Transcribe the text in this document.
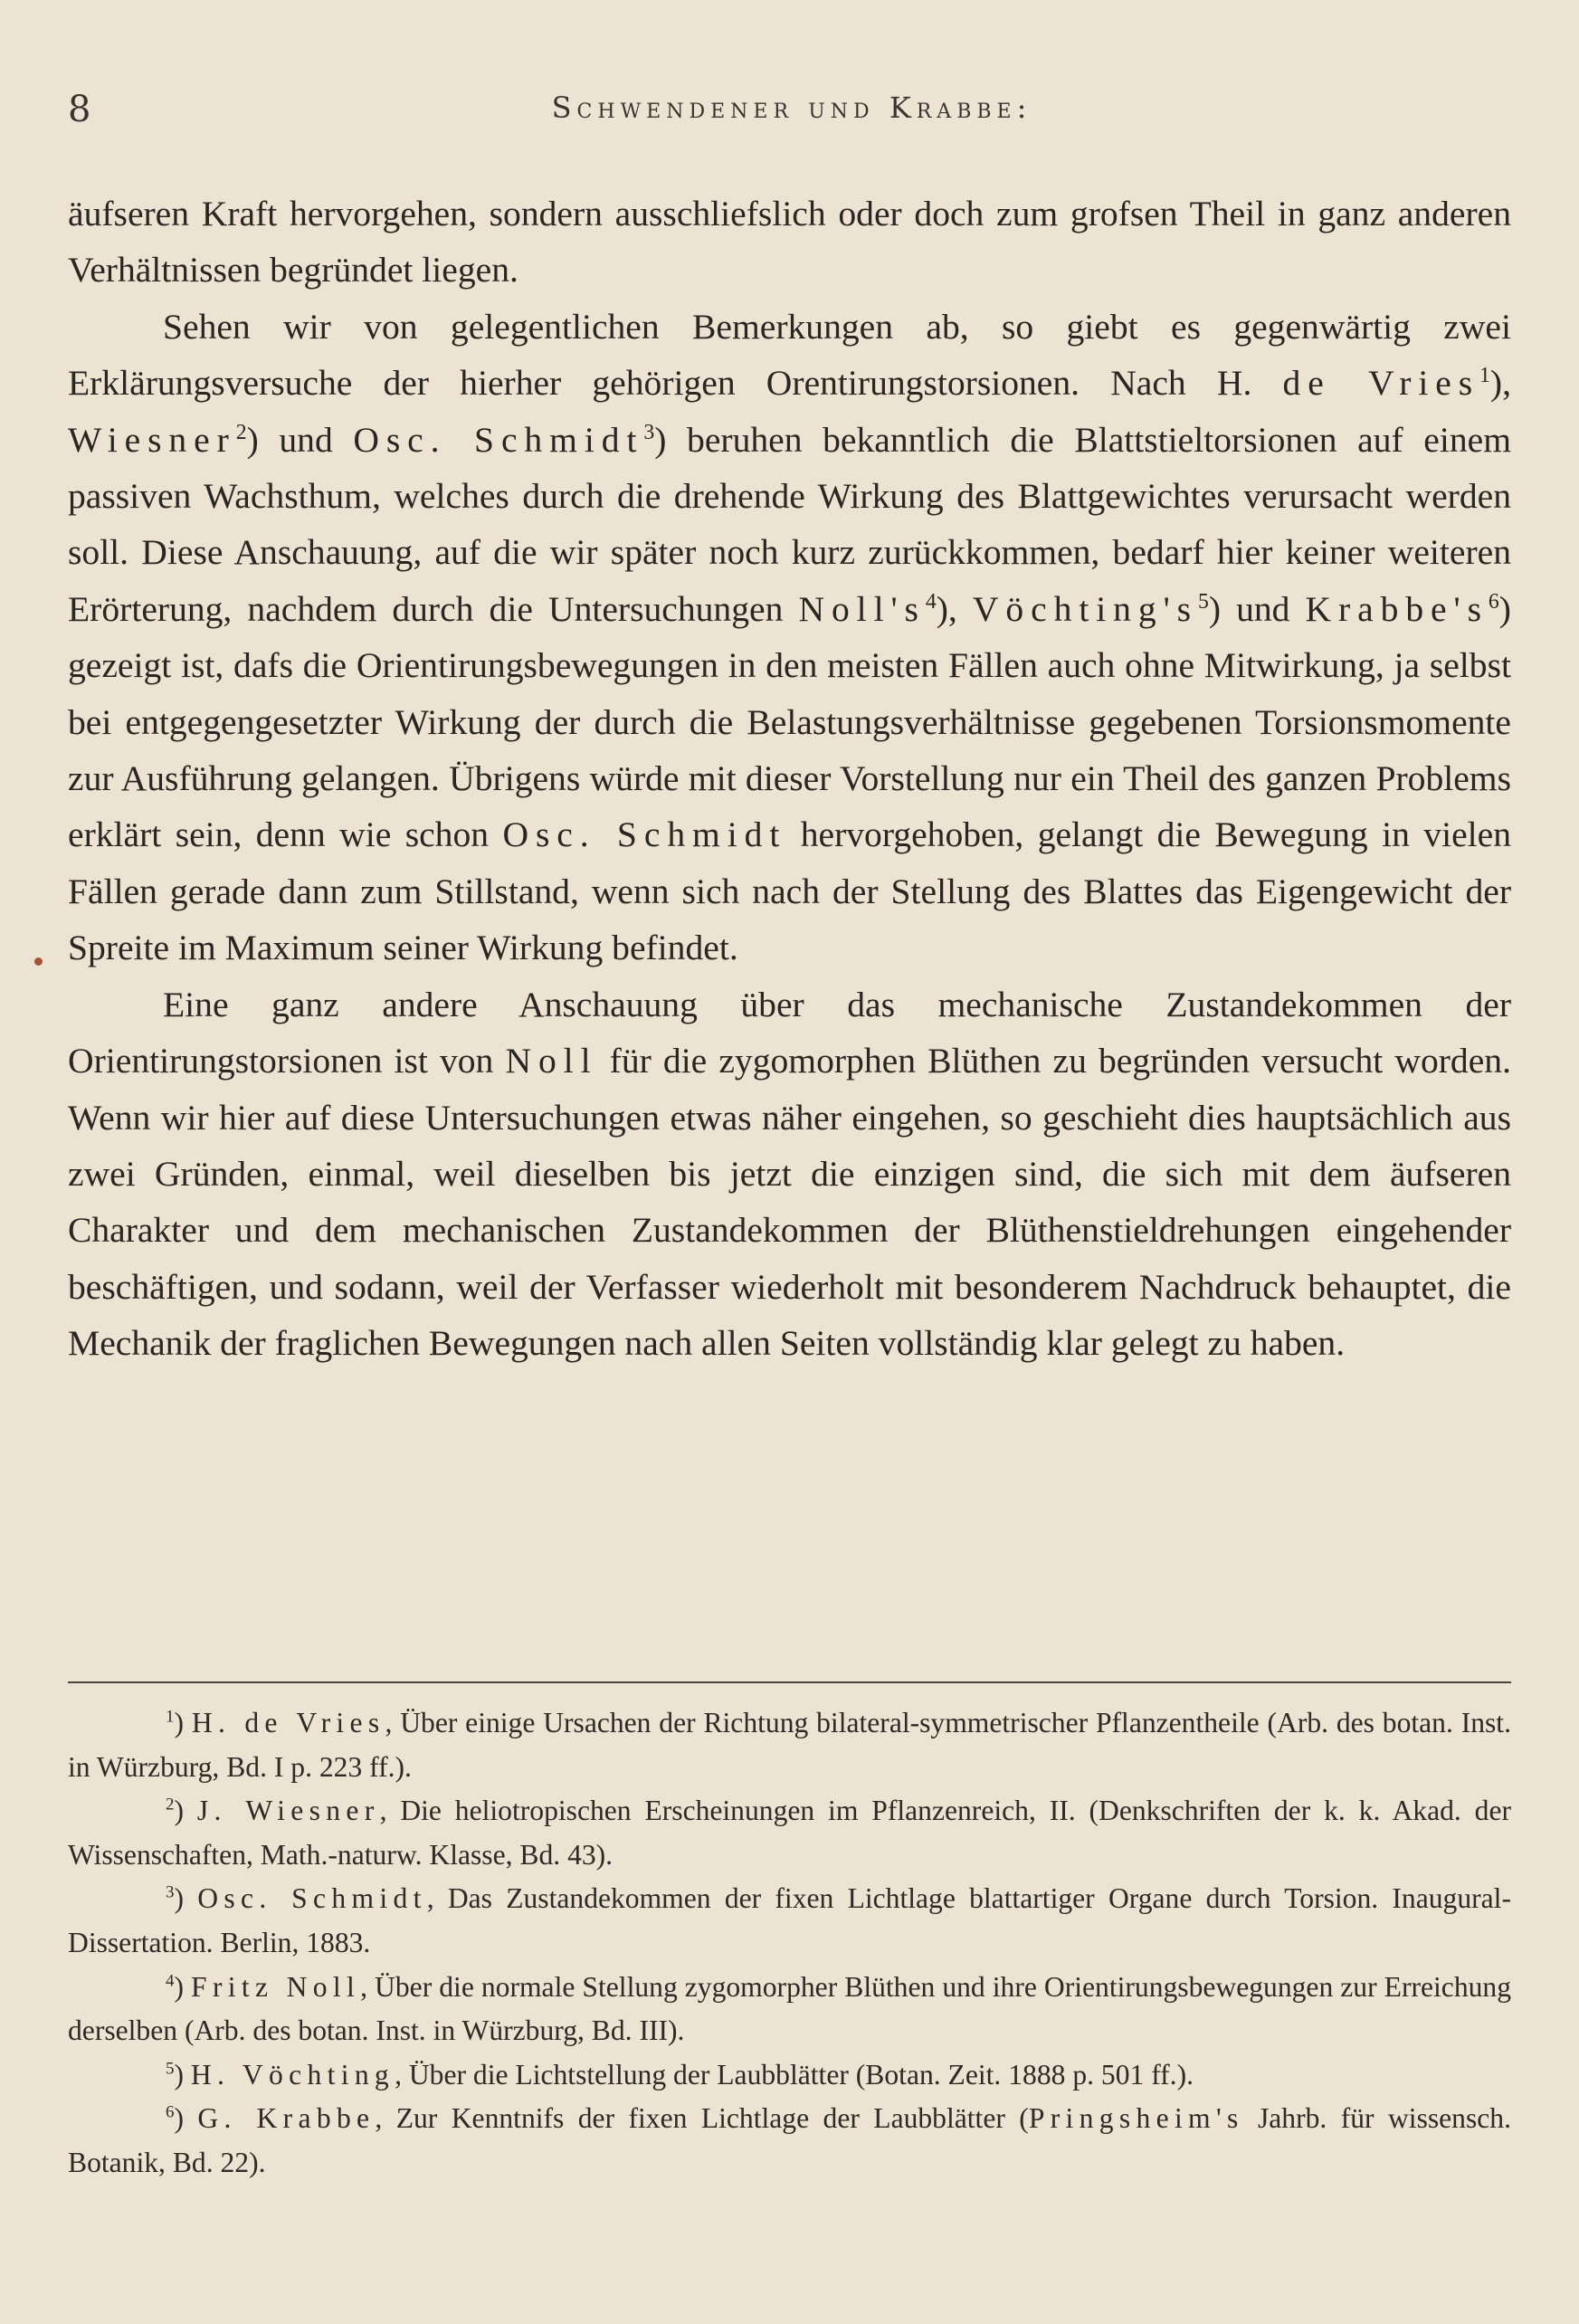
8	Schwendener und Krabbe:

äufseren Kraft hervorgehen, sondern ausschliefslich oder doch zum grofsen Theil in ganz anderen Verhältnissen begründet liegen.

Sehen wir von gelegentlichen Bemerkungen ab, so giebt es gegenwärtig zwei Erklärungsversuche der hierher gehörigen Orentirungstorsionen. Nach H. de Vries$^1$), Wiesner$^2$) und Osc. Schmidt$^3$) beruhen bekanntlich die Blattstieltorsionen auf einem passiven Wachsthum, welches durch die drehende Wirkung des Blattgewichtes verursacht werden soll. Diese Anschauung, auf die wir später noch kurz zurückkommen, bedarf hier keiner weiteren Erörterung, nachdem durch die Untersuchungen $Noll's^4$), $Vöchting's^5$) und $Krabbe's^6$) gezeigt ist, dafs die Orientirungsbewegungen in den meisten Fällen auch ohne Mitwirkung, ja selbst bei entgegengesetzter Wirkung der durch die Belastungsverhältnisse gegebenen Torsionsmomente zur Ausführung gelangen. Übrigens würde mit dieser Vorstellung nur ein Theil des ganzen Problems erklärt sein, denn wie schon Osc. Schmidt hervorgehoben, gelangt die Bewegung in vielen Fällen gerade dann zum Stillstand, wenn sich nach der Stellung des Blattes das Eigengewicht der Spreite im Maximum seiner Wirkung befindet.

Eine ganz andere Anschauung über das mechanische Zustandekommen der Orientirungstorsionen ist von Noll für die zygomorphen Blüthen zu begründen versucht worden. Wenn wir hier auf diese Untersuchungen etwas näher eingehen, so geschieht dies hauptsächlich aus zwei Gründen, einmal, weil dieselben bis jetzt die einzigen sind, die sich mit dem äufseren Charakter und dem mechanischen Zustandekommen der Blüthenstieldrehungen eingehender beschäftigen, und sodann, weil der Verfasser wiederholt mit besonderem Nachdruck behauptet, die Mechanik der fraglichen Bewegungen nach allen Seiten vollständig klar gelegt zu haben.

$^1$) H. de Vries, Über einige Ursachen der Richtung bilateral-symmetrischer Pflanzentheile (Arb. des botan. Inst. in Würzburg, Bd. I p. 223 ff.).

$^2$) J. Wiesner, Die heliotropischen Erscheinungen im Pflanzenreich, II. (Denkschriften der k. k. Akad. der Wissenschaften, Math.-naturw. Klasse, Bd. 43).

$^3$) Osc. Schmidt, Das Zustandekommen der fixen Lichtlage blattartiger Organe durch Torsion. Inaugural-Dissertation. Berlin, 1883.

$^4$) Fritz Noll, Über die normale Stellung zygomorpher Blüthen und ihre Orientirungsbewegungen zur Erreichung derselben (Arb. des botan. Inst. in Würzburg, Bd. III).

$^5$) H. Vöchting, Über die Lichtstellung der Laubblätter (Botan. Zeit. 1888 p. 501 ff.).

$^6$) G. Krabbe, Zur Kenntnifs der fixen Lichtlage der Laubblätter (Pringsheim's Jahrb. für wissensch. Botanik, Bd. 22).
